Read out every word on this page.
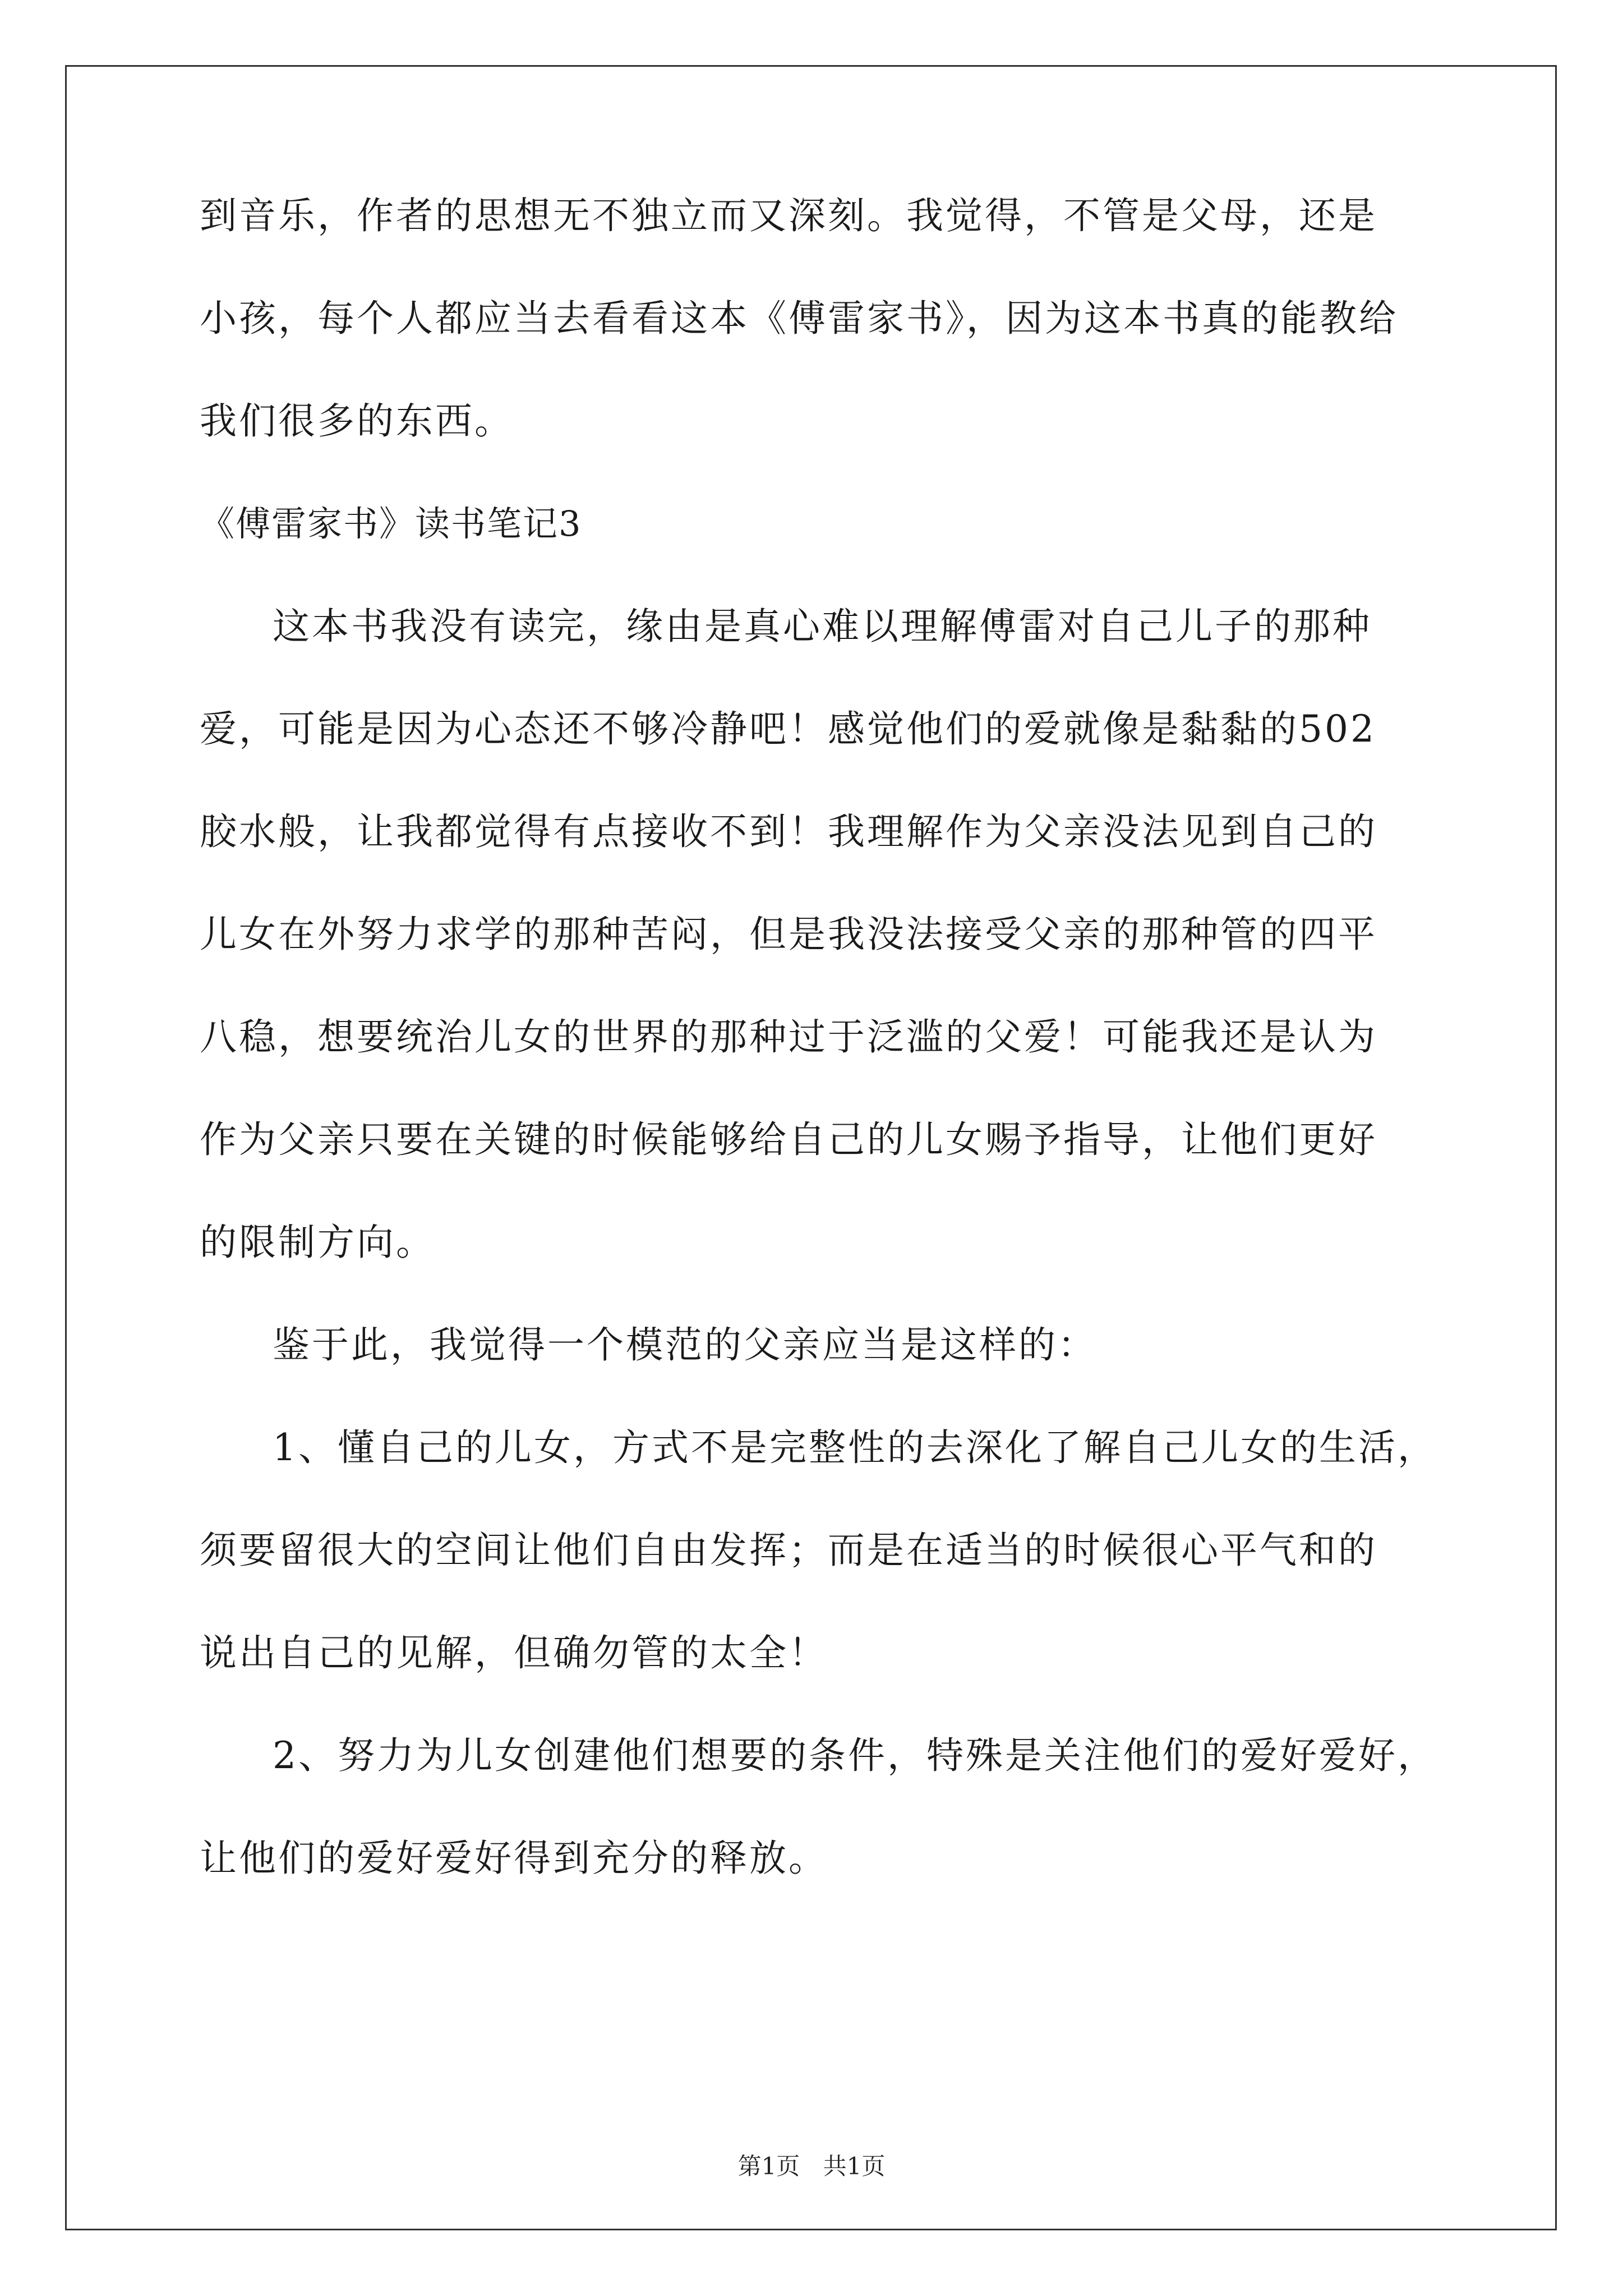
到音乐，作者的思想无不独立而又深刻。我觉得，不管是父母，还是
小孩，每个人都应当去看看这本《傅雷家书》，因为这本书真的能教给
我们很多的东西。
《傅雷家书》读书笔记3
这本书我没有读完，缘由是真心难以理解傅雷对自己儿子的那种
爱，可能是因为心态还不够冷静吧！感觉他们的爱就像是黏黏的502
胶水般，让我都觉得有点接收不到！我理解作为父亲没法见到自己的
儿女在外努力求学的那种苦闷，但是我没法接受父亲的那种管的四平
八稳，想要统治儿女的世界的那种过于泛滥的父爱！可能我还是认为
作为父亲只要在关键的时候能够给自己的儿女赐予指导，让他们更好
的限制方向。
鉴于此，我觉得一个模范的父亲应当是这样的：
1、懂自己的儿女，方式不是完整性的去深化了解自己儿女的生活，
须要留很大的空间让他们自由发挥；而是在适当的时候很心平气和的
说出自己的见解，但确勿管的太全！
2、努力为儿女创建他们想要的条件，特殊是关注他们的爱好爱好，
让他们的爱好爱好得到充分的释放。
第1页 共1页
